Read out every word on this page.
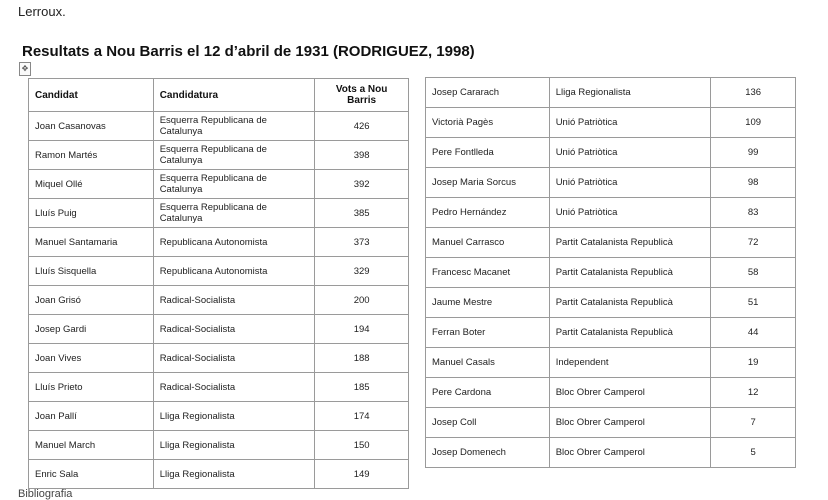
Lerroux.
Resultats a Nou Barris el 12 d’abril de 1931 (RODRIGUEZ, 1998)
✥
Candidat	Candidatura	Vots a Nou Barris
Joan Casanovas	Esquerra Republicana de Catalunya	426
Ramon Martés	Esquerra Republicana de Catalunya	398
Miquel Ollé	Esquerra Republicana de Catalunya	392
Lluís Puig	Esquerra Republicana de Catalunya	385
Manuel Santamaria	Republicana Autonomista	373
Lluís Sisquella	Republicana Autonomista	329
Joan Grisó	Radical-Socialista	200
Josep Gardi	Radical-Socialista	194
Joan Vives	Radical-Socialista	188
Lluís Prieto	Radical-Socialista	185
Joan Pallí	Lliga Regionalista	174
Manuel March	Lliga Regionalista	150
Enric Sala	Lliga Regionalista	149
Josep Cararach	Lliga Regionalista	136
Victorià Pagès	Unió Patriòtica	109
Pere Fontlleda	Unió Patriòtica	99
Josep Maria Sorcus	Unió Patriòtica	98
Pedro Hernández	Unió Patriòtica	83
Manuel Carrasco	Partit Catalanista Republicà	72
Francesc Macanet	Partit Catalanista Republicà	58
Jaume Mestre	Partit Catalanista Republicà	51
Ferran Boter	Partit Catalanista Republicà	44
Manuel Casals	Independent	19
Pere Cardona	Bloc Obrer Camperol	12
Josep Coll	Bloc Obrer Camperol	7
Josep Domenech	Bloc Obrer Camperol	5
Bibliografia
